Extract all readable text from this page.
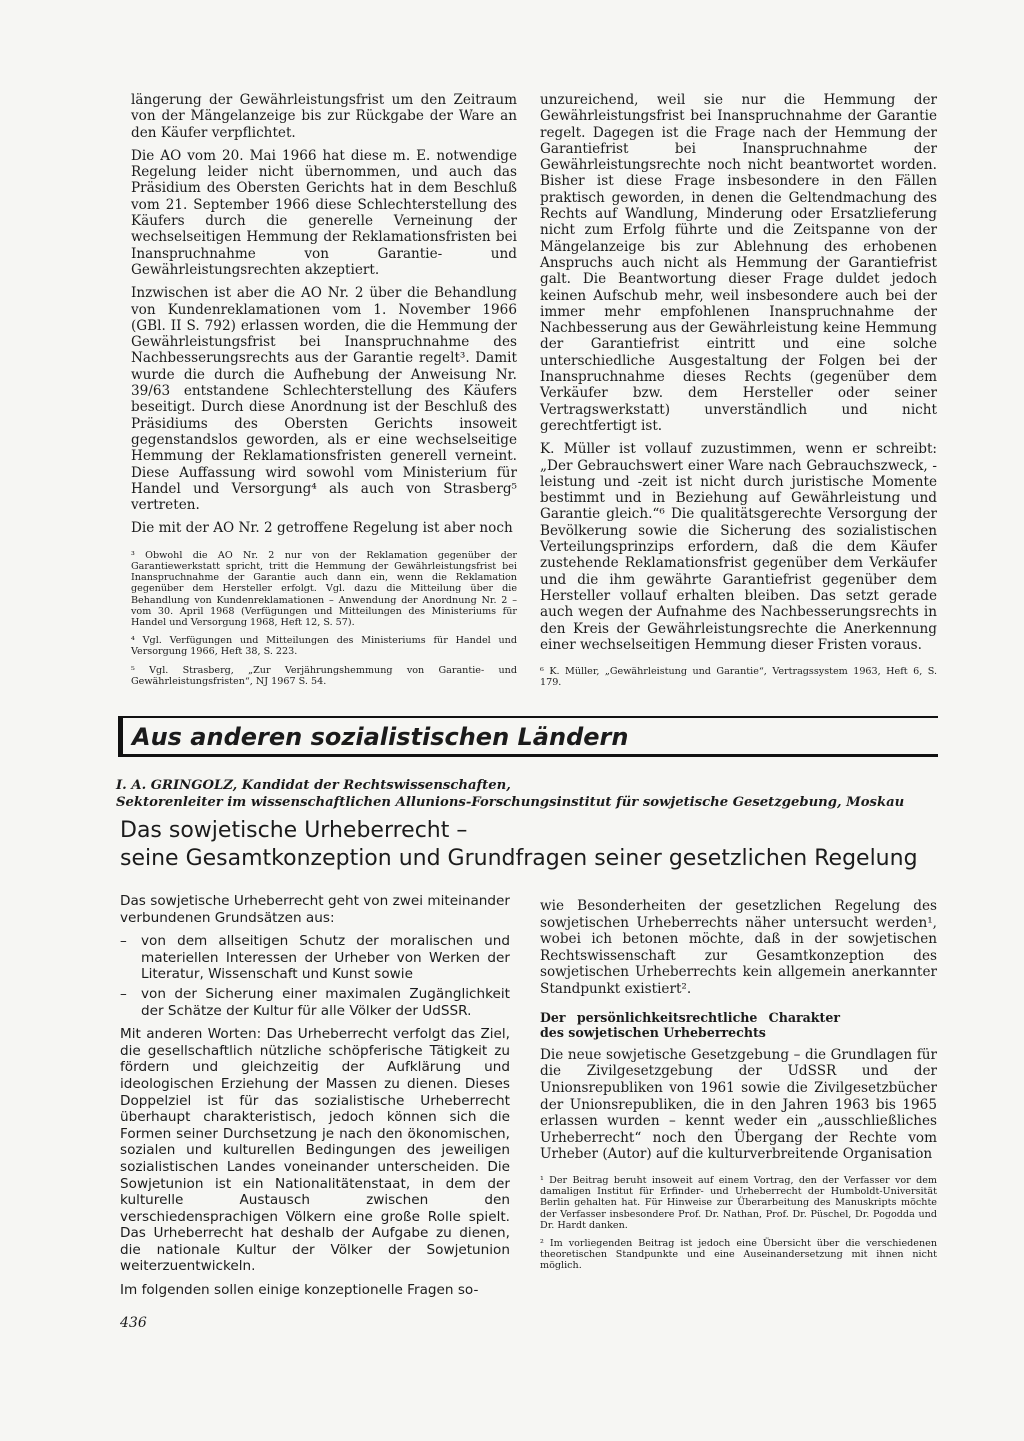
längerung der Gewährleistungsfrist um den Zeitraum von der Mängelanzeige bis zur Rückgabe der Ware an den Käufer verpflichtet.

Die AO vom 20. Mai 1966 hat diese m. E. notwendige Regelung leider nicht übernommen, und auch das Präsidium des Obersten Gerichts hat in dem Beschluß vom 21. September 1966 diese Schlechterstellung des Käufers durch die generelle Verneinung der wechselseitigen Hemmung der Reklamationsfristen bei Inanspruchnahme von Garantie- und Gewährleistungsrechten akzeptiert.

Inzwischen ist aber die AO Nr. 2 über die Behandlung von Kundenreklamationen vom 1. November 1966 (GBl. II S. 792) erlassen worden, die die Hemmung der Gewährleistungsfrist bei Inanspruchnahme des Nachbesserungsrechts aus der Garantie regelt³. Damit wurde die durch die Aufhebung der Anweisung Nr. 39/63 entstandene Schlechterstellung des Käufers beseitigt. Durch diese Anordnung ist der Beschluß des Präsidiums des Obersten Gerichts insoweit gegenstandslos geworden, als er eine wechselseitige Hemmung der Reklamationsfristen generell verneint. Diese Auffassung wird sowohl vom Ministerium für Handel und Versorgung⁴ als auch von Strasberg⁵ vertreten.

Die mit der AO Nr. 2 getroffene Regelung ist aber noch

³ Obwohl die AO Nr. 2 nur von der Reklamation gegenüber der Garantiewerkstatt spricht, tritt die Hemmung der Gewährleistungsfrist bei Inanspruchnahme der Garantie auch dann ein, wenn die Reklamation gegenüber dem Hersteller erfolgt. Vgl. dazu die Mitteilung über die Behandlung von Kundenreklamationen – Anwendung der Anordnung Nr. 2 – vom 30. April 1968 (Verfügungen und Mitteilungen des Ministeriums für Handel und Versorgung 1968, Heft 12, S. 57).

⁴ Vgl. Verfügungen und Mitteilungen des Ministeriums für Handel und Versorgung 1966, Heft 38, S. 223.

⁵ Vgl. Strasberg, „Zur Verjährungshemmung von Garantie- und Gewährleistungsfristen“, NJ 1967 S. 54.

unzureichend, weil sie nur die Hemmung der Gewährleistungsfrist bei Inanspruchnahme der Garantie regelt. Dagegen ist die Frage nach der Hemmung der Garantiefrist bei Inanspruchnahme der Gewährleistungsrechte noch nicht beantwortet worden. Bisher ist diese Frage insbesondere in den Fällen praktisch geworden, in denen die Geltendmachung des Rechts auf Wandlung, Minderung oder Ersatzlieferung nicht zum Erfolg führte und die Zeitspanne von der Mängelanzeige bis zur Ablehnung des erhobenen Anspruchs auch nicht als Hemmung der Garantiefrist galt. Die Beantwortung dieser Frage duldet jedoch keinen Aufschub mehr, weil insbesondere auch bei der immer mehr empfohlenen Inanspruchnahme der Nachbesserung aus der Gewährleistung keine Hemmung der Garantiefrist eintritt und eine solche unterschiedliche Ausgestaltung der Folgen bei der Inanspruchnahme dieses Rechts (gegenüber dem Verkäufer bzw. dem Hersteller oder seiner Vertragswerkstatt) unverständlich und nicht gerechtfertigt ist.

K. Müller ist vollauf zuzustimmen, wenn er schreibt: „Der Gebrauchswert einer Ware nach Gebrauchszweck, -leistung und -zeit ist nicht durch juristische Momente bestimmt und in Beziehung auf Gewährleistung und Garantie gleich.“⁶ Die qualitätsgerechte Versorgung der Bevölkerung sowie die Sicherung des sozialistischen Verteilungsprinzips erfordern, daß die dem Käufer zustehende Reklamationsfrist gegenüber dem Verkäufer und die ihm gewährte Garantiefrist gegenüber dem Hersteller vollauf erhalten bleiben. Das setzt gerade auch wegen der Aufnahme des Nachbesserungsrechts in den Kreis der Gewährleistungsrechte die Anerkennung einer wechselseitigen Hemmung dieser Fristen voraus.

⁶ K. Müller, „Gewährleistung und Garantie“, Vertragssystem 1963, Heft 6, S. 179.

Aus anderen sozialistischen Ländern
I. A. GRINGOLZ, Kandidat der Rechtswissenschaften,
Sektorenleiter im wissenschaftlichen Allunions-Forschungsinstitut für sowjetische Gesetzgebung, Moskau
Das sowjetische Urheberrecht –
seine Gesamtkonzeption und Grundfragen seiner gesetzlichen Regelung

Das sowjetische Urheberrecht geht von zwei miteinander verbundenen Grundsätzen aus:

– von dem allseitigen Schutz der moralischen und materiellen Interessen der Urheber von Werken der Literatur, Wissenschaft und Kunst sowie
– von der Sicherung einer maximalen Zugänglichkeit der Schätze der Kultur für alle Völker der UdSSR.

Mit anderen Worten: Das Urheberrecht verfolgt das Ziel, die gesellschaftlich nützliche schöpferische Tätigkeit zu fördern und gleichzeitig der Aufklärung und ideologischen Erziehung der Massen zu dienen. Dieses Doppelziel ist für das sozialistische Urheberrecht überhaupt charakteristisch, jedoch können sich die Formen seiner Durchsetzung je nach den ökonomischen, sozialen und kulturellen Bedingungen des jeweiligen sozialistischen Landes voneinander unterscheiden. Die Sowjetunion ist ein Nationalitätenstaat, in dem der kulturelle Austausch zwischen den verschiedensprachigen Völkern eine große Rolle spielt. Das Urheberrecht hat deshalb der Aufgabe zu dienen, die nationale Kultur der Völker der Sowjetunion weiterzuentwickeln.

Im folgenden sollen einige konzeptionelle Fragen so-

wie Besonderheiten der gesetzlichen Regelung des sowjetischen Urheberrechts näher untersucht werden¹, wobei ich betonen möchte, daß in der sowjetischen Rechtswissenschaft zur Gesamtkonzeption des sowjetischen Urheberrechts kein allgemein anerkannter Standpunkt existiert².

Der persönlichkeitsrechtliche Charakter des sowjetischen Urheberrechts

Die neue sowjetische Gesetzgebung – die Grundlagen für die Zivilgesetzgebung der UdSSR und der Unionsrepubliken von 1961 sowie die Zivilgesetzbücher der Unionsrepubliken, die in den Jahren 1963 bis 1965 erlassen wurden – kennt weder ein „ausschließliches Urheberrecht“ noch den Übergang der Rechte vom Urheber (Autor) auf die kulturverbreitende Organisation

¹ Der Beitrag beruht insoweit auf einem Vortrag, den der Verfasser vor dem damaligen Institut für Erfinder- und Urheberrecht der Humboldt-Universität Berlin gehalten hat. Für Hinweise zur Überarbeitung des Manuskripts möchte der Verfasser insbesondere Prof. Dr. Nathan, Prof. Dr. Püschel, Dr. Pogodda und Dr. Hardt danken.

² Im vorliegenden Beitrag ist jedoch eine Übersicht über die verschiedenen theoretischen Standpunkte und eine Auseinandersetzung mit ihnen nicht möglich.

436
